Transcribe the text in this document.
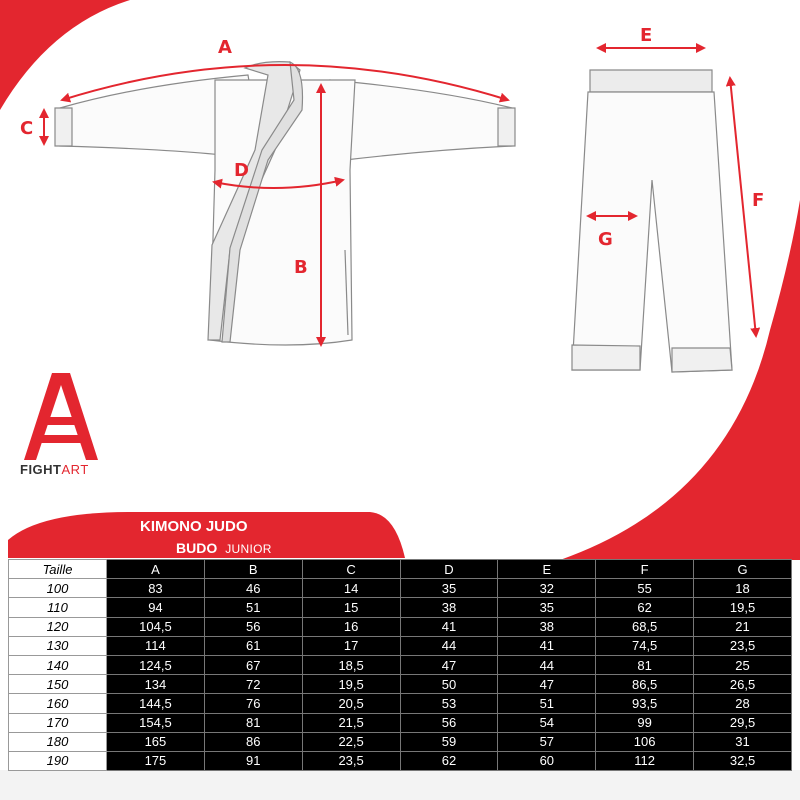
A
C
D
B
E
F
G
FIGHTART
KIMONO JUDO
BUDO JUNIOR
Taille	A	B	C	D	E	F	G
100	83	46	14	35	32	55	18
110	94	51	15	38	35	62	19,5
120	104,5	56	16	41	38	68,5	21
130	114	61	17	44	41	74,5	23,5
140	124,5	67	18,5	47	44	81	25
150	134	72	19,5	50	47	86,5	26,5
160	144,5	76	20,5	53	51	93,5	28
170	154,5	81	21,5	56	54	99	29,5
180	165	86	22,5	59	57	106	31
190	175	91	23,5	62	60	112	32,5
